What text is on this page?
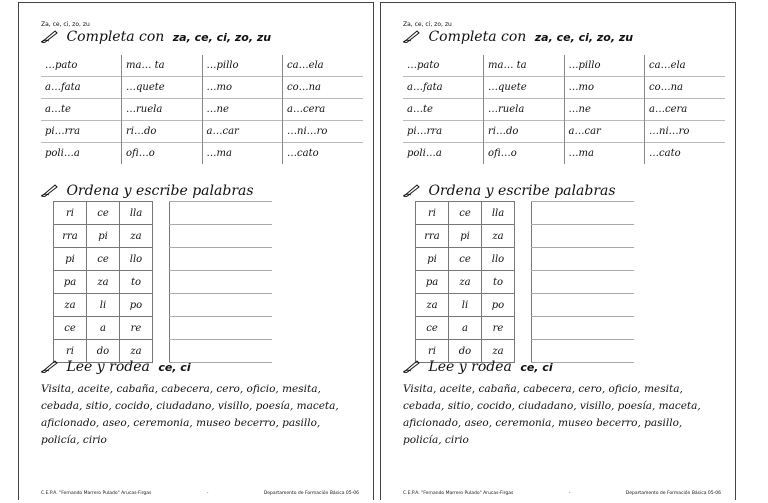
Za, ce, ci, zo, zu
Completa con za, ce, ci, zo, zu
…pato	ma… ta	…pillo	ca…ela
a…fata	…quete	…mo	co…na
a…te	…ruela	…ne	a…cera
pi…rra	ri…do	a…car	…ni…ro
poli…a	ofi…o	…ma	…cato
Ordena y escribe palabras
ri	ce	lla		
rra	pi	za		
pi	ce	llo		
pa	za	to		
za	li	po		
ce	a	re		
ri	do	za		
Lee y rodea ce, ci
Visita, aceite, cabaña, cabecera, cero, oficio, mesita, cebada, sitio, cocido, ciudadano, visillo, poesía, maceta, aficionado, aseo, ceremonia, museo becerro, pasillo, policía, cirio
C.E.P.A. "Fernando Marrero Pulado" Arucas-Firgas	-	Departamento de Formación Básica 05-06
Za, ce, ci, zo, zu
Completa con za, ce, ci, zo, zu
…pato	ma… ta	…pillo	ca…ela
a…fata	…quete	…mo	co…na
a…te	…ruela	…ne	a…cera
pi…rra	ri…do	a…car	…ni…ro
poli…a	ofi…o	…ma	…cato
Ordena y escribe palabras
ri	ce	lla		
rra	pi	za		
pi	ce	llo		
pa	za	to		
za	li	po		
ce	a	re		
ri	do	za		
Lee y rodea ce, ci
Visita, aceite, cabaña, cabecera, cero, oficio, mesita, cebada, sitio, cocido, ciudadano, visillo, poesía, maceta, aficionado, aseo, ceremonia, museo becerro, pasillo, policía, cirio
C.E.P.A. "Fernando Marrero Pulado" Arucas-Firgas	-	Departamento de Formación Básica 05-06
